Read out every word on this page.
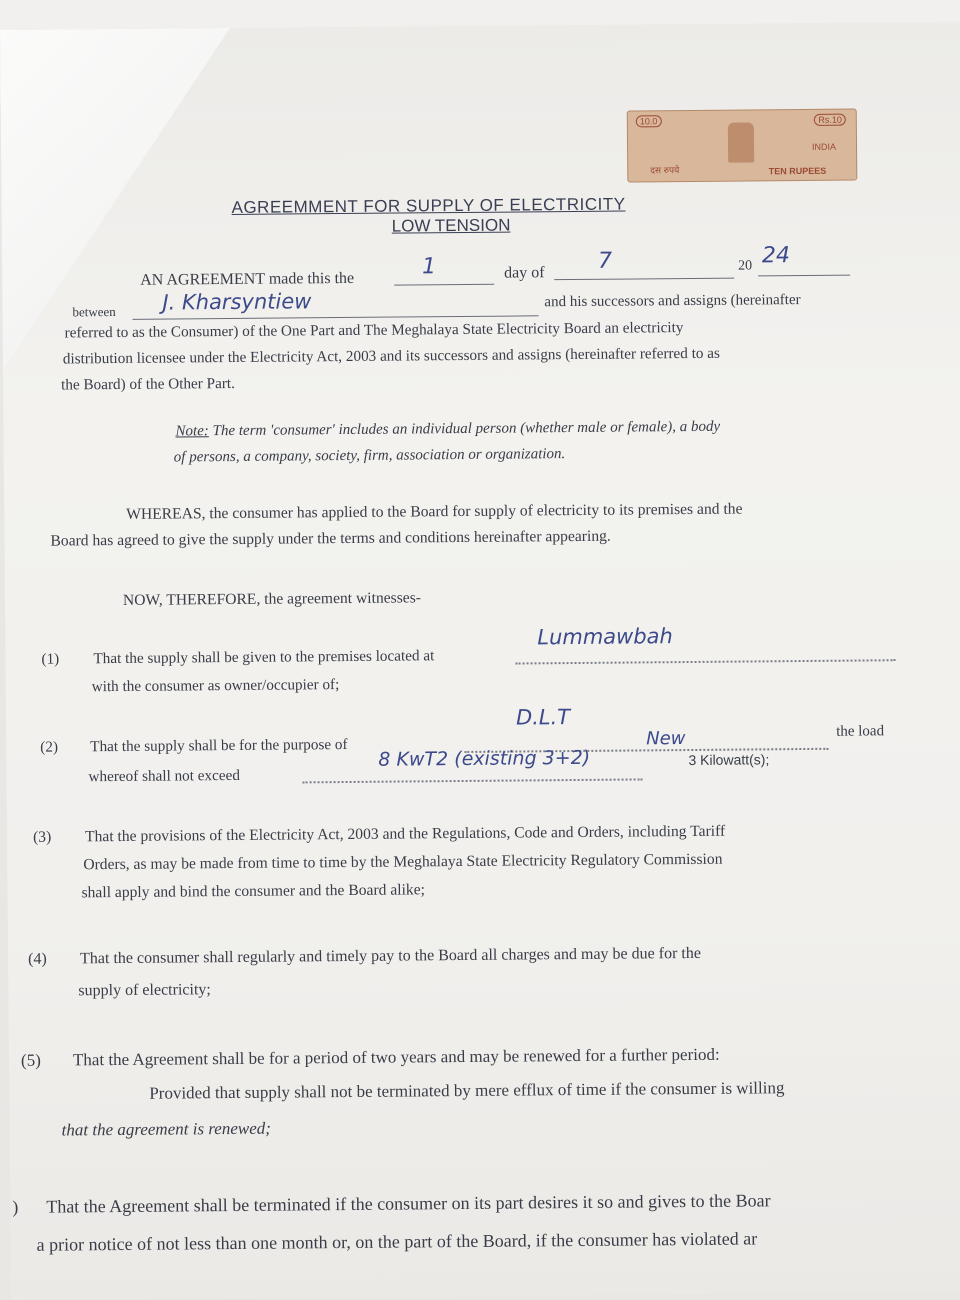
10.0	Rs.10
INDIA
दस रुपये	TEN RUPEES
AGREEMMENT FOR SUPPLY OF ELECTRICITY
LOW TENSION
AN AGREEMENT made this the
1	day of 7	20 24
between J. Kharsyntiew	and his successors and assigns (hereinafter
referred to as the Consumer) of the One Part and The Meghalaya State Electricity Board an electricity
distribution licensee under the Electricity Act, 2003 and its successors and assigns (hereinafter referred to as
the Board) of the Other Part.
Note: The term 'consumer' includes an individual person (whether male or female), a body
of persons, a company, society, firm, association or organization.
WHEREAS, the consumer has applied to the Board for supply of electricity to its premises and the
Board has agreed to give the supply under the terms and conditions hereinafter appearing.
NOW, THEREFORE, the agreement witnesses-
(1) That the supply shall be given to the premises located at
Lummawbah
with the consumer as owner/occupier of;
(2) That the supply shall be for the purpose of
D.L.T
the load
whereof shall not exceed
8 KwT2 (existing 3+2)
New
3 Kilowatt(s);
(3) That the provisions of the Electricity Act, 2003 and the Regulations, Code and Orders, including Tariff
Orders, as may be made from time to time by the Meghalaya State Electricity Regulatory Commission
shall apply and bind the consumer and the Board alike;
(4) That the consumer shall regularly and timely pay to the Board all charges and may be due for the
supply of electricity;
(5) That the Agreement shall be for a period of two years and may be renewed for a further period:
Provided that supply shall not be terminated by mere efflux of time if the consumer is willing
that the agreement is renewed;
) That the Agreement shall be terminated if the consumer on its part desires it so and gives to the Boar
a prior notice of not less than one month or, on the part of the Board, if the consumer has violated ar
